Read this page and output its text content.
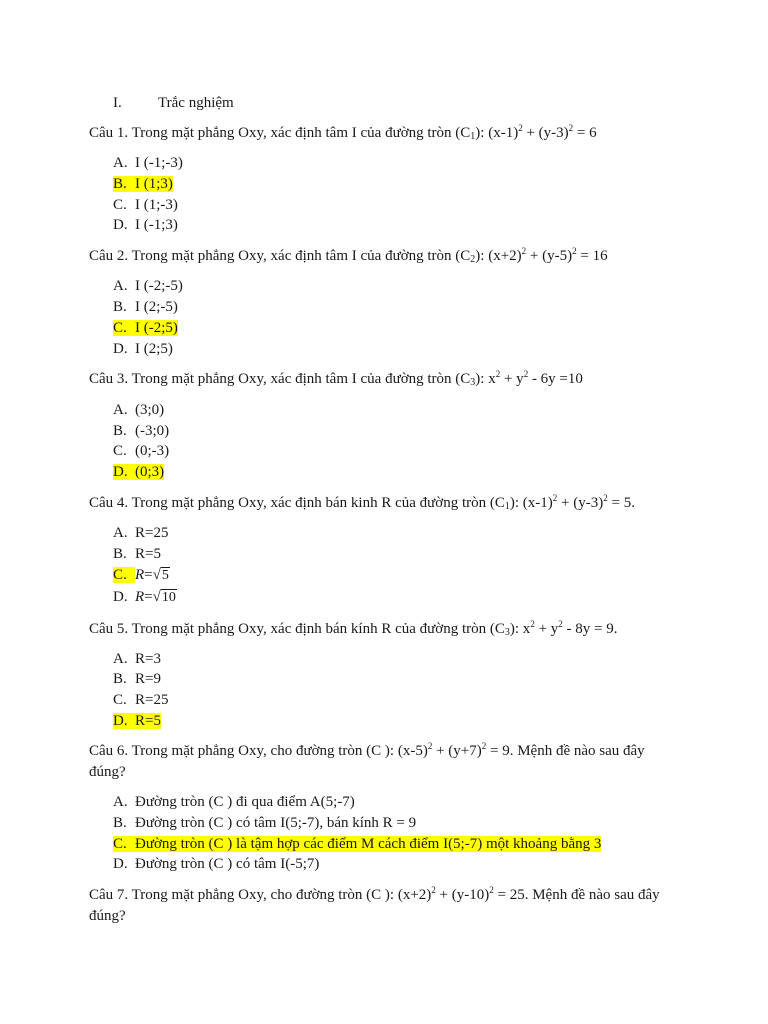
I. Trắc nghiệm
Câu 1. Trong mặt phẳng Oxy, xác định tâm I của đường tròn $(C_1)$: $(x-1)^2 + (y-3)^2 = 6$
A. I (-1;-3)
B. I (1;3)
C. I (1;-3)
D. I (-1;3)
Câu 2. Trong mặt phẳng Oxy, xác định tâm I của đường tròn $(C_2)$: $(x+2)^2 + (y-5)^2 = 16$
A. I (-2;-5)
B. I (2;-5)
C. I (-2;5)
D. I (2;5)
Câu 3. Trong mặt phẳng Oxy, xác định tâm I của đường tròn $(C_3)$: $x^2 + y^2 - 6y =10$
A. (3;0)
B. (-3;0)
C. (0;-3)
D. (0;3)
Câu 4. Trong mặt phẳng Oxy, xác định bán kinh R của đường tròn $(C_1)$: $(x-1)^2 + (y-3)^2 = 5$.
A. R=25
B. R=5
C. R=√5
D. R=√10
Câu 5. Trong mặt phẳng Oxy, xác định bán kính R của đường tròn $(C_3)$: $x^2 + y^2 - 8y = 9$.
A. R=3
B. R=9
C. R=25
D. R=5
Câu 6. Trong mặt phẳng Oxy, cho đường tròn (C ): $(x-5)^2 + (y+7)^2 = 9$. Mệnh đề nào sau đây đúng?
A. Đường tròn (C ) đi qua điểm A(5;-7)
B. Đường tròn (C ) có tâm I(5;-7), bán kính R = 9
C. Đường tròn (C ) là tậm hợp các điểm M cách điểm I(5;-7) một khoảng bằng 3
D. Đường tròn (C ) có tâm I(-5;7)
Câu 7. Trong mặt phẳng Oxy, cho đường tròn (C ): $(x+2)^2 + (y-10)^2 = 25$. Mệnh đề nào sau đây đúng?
